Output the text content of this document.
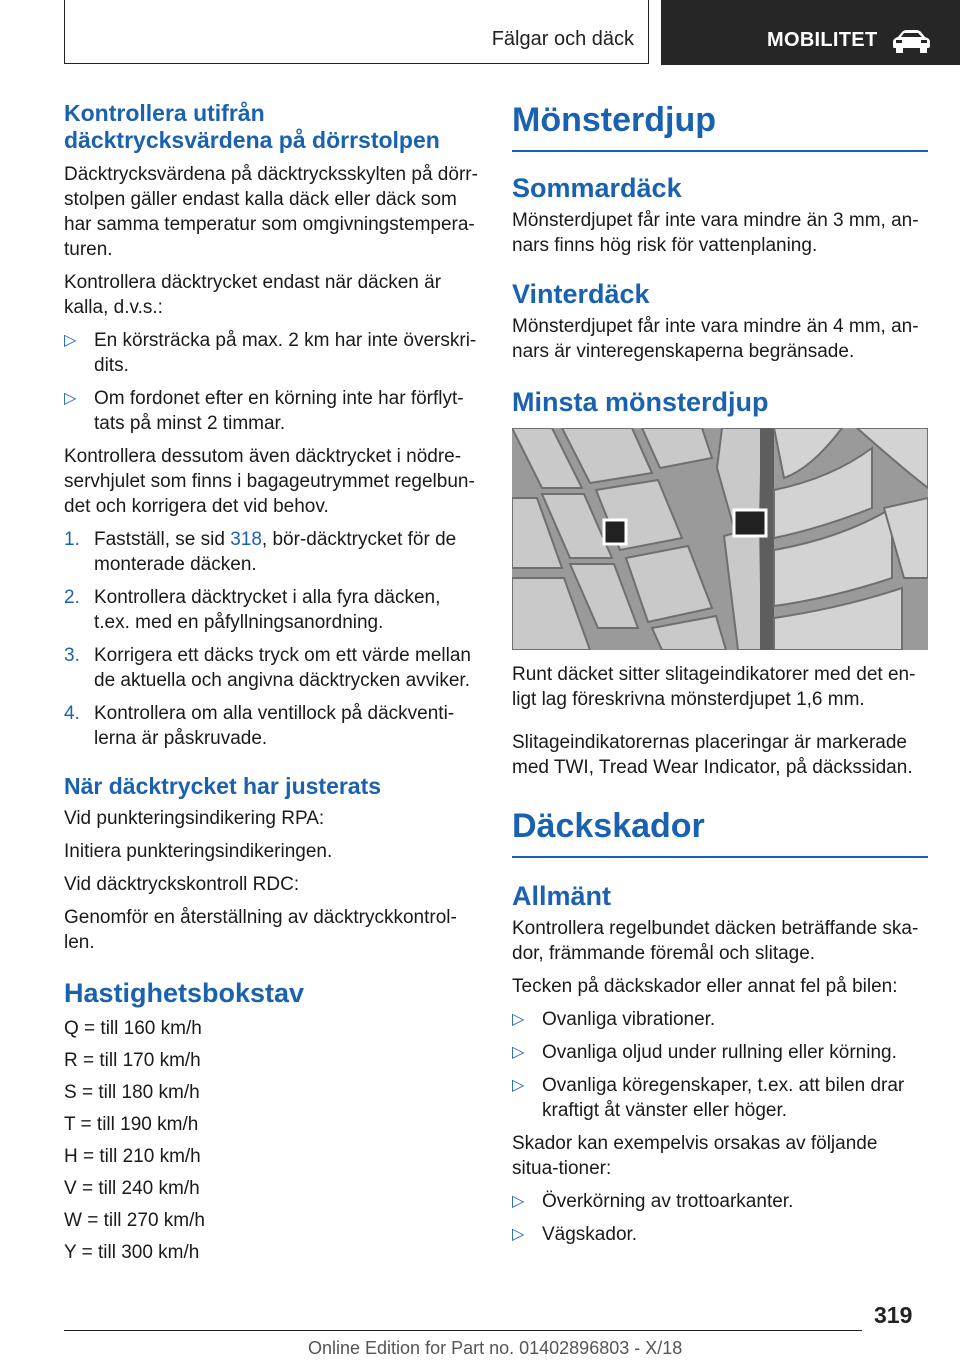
Fälgar och däck	MOBILITET
Kontrollera utifrån däcktrycksvärdena på dörrstolpen

Däcktrycksvärdena på däcktrycksskylten på dörr-stolpen gäller endast kalla däck eller däck som har samma temperatur som omgivningstempera-turen.

Kontrollera däcktrycket endast när däcken är kalla, d.v.s.:

▷ En körsträcka på max. 2 km har inte överskri-dits.
▷ Om fordonet efter en körning inte har förflyt-tats på minst 2 timmar.

Kontrollera dessutom även däcktrycket i nödre-servhjulet som finns i bagageutrymmet regelbun-det och korrigera det vid behov.

1. Fastställ, se sid 318, bör-däcktrycket för de monterade däcken.
2. Kontrollera däcktrycket i alla fyra däcken, t.ex. med en påfyllningsanordning.
3. Korrigera ett däcks tryck om ett värde mellan de aktuella och angivna däcktrycken avviker.
4. Kontrollera om alla ventillock på däckventi-lerna är påskruvade.
När däcktrycket har justerats

Vid punkteringsindikering RPA:

Initiera punkteringsindikeringen.

Vid däcktryckskontroll RDC:

Genomför en återställning av däcktryckkontrol-len.

Hastighetsbokstav

Q = till 160 km/h

R = till 170 km/h

S = till 180 km/h

T = till 190 km/h

H = till 210 km/h

V = till 240 km/h

W = till 270 km/h

Y = till 300 km/h

Mönsterdjup
Sommardäck

Mönsterdjupet får inte vara mindre än 3 mm, an-nars finns hög risk för vattenplaning.

Vinterdäck

Mönsterdjupet får inte vara mindre än 4 mm, an-nars är vinteregenskaperna begränsade.

Minsta mönsterdjup

Runt däcket sitter slitageindikatorer med det en-ligt lag föreskrivna mönsterdjupet 1,6 mm.

Slitageindikatorernas placeringar är markerade med TWI, Tread Wear Indicator, på däckssidan.

Däckskador
Allmänt

Kontrollera regelbundet däcken beträffande ska-dor, främmande föremål och slitage.

Tecken på däckskador eller annat fel på bilen:

▷ Ovanliga vibrationer.
▷ Ovanliga oljud under rullning eller körning.
▷ Ovanliga köregenskaper, t.ex. att bilen drar kraftigt åt vänster eller höger.

Skador kan exempelvis orsakas av följande situa-tioner:

▷ Överkörning av trottoarkanter.
▷ Vägskador.
319
Online Edition for Part no. 01402896803 - X/18
